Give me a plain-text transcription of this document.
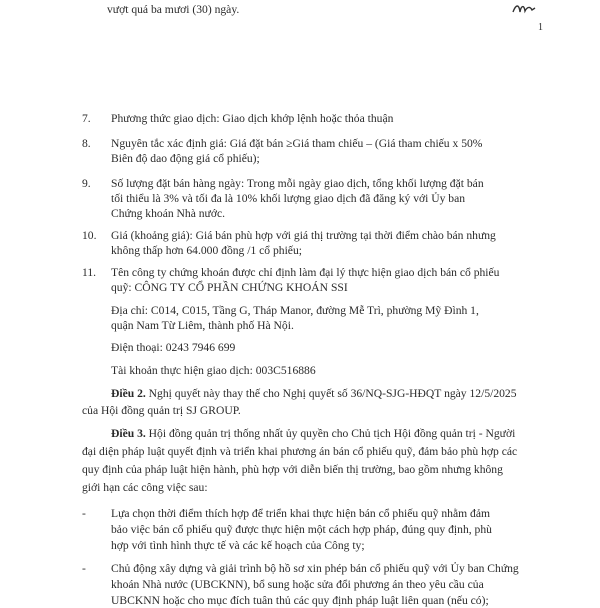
vượt quá ba mươi (30) ngày.
1
7. Phương thức giao dịch: Giao dịch khớp lệnh hoặc thỏa thuận
8. Nguyên tắc xác định giá: Giá đặt bán ≥Giá tham chiếu – (Giá tham chiếu x 50%
Biên độ dao động giá cổ phiếu);
9. Số lượng đặt bán hàng ngày: Trong mỗi ngày giao dịch, tổng khối lượng đặt bán
tối thiểu là 3% và tối đa là 10% khối lượng giao dịch đã đăng ký với Ủy ban
Chứng khoán Nhà nước.
10. Giá (khoảng giá): Giá bán phù hợp với giá thị trường tại thời điểm chào bán nhưng
không thấp hơn 64.000 đồng /1 cổ phiếu;
11. Tên công ty chứng khoán được chỉ định làm đại lý thực hiện giao dịch bán cổ phiếu
quỹ: CÔNG TY CỔ PHẦN CHỨNG KHOÁN SSI
Địa chỉ: C014, C015, Tầng G, Tháp Manor, đường Mễ Trì, phường Mỹ Đình 1,
quận Nam Từ Liêm, thành phố Hà Nội.
Điện thoại: 0243 7946 699
Tài khoản thực hiện giao dịch: 003C516886
Điều 2. Nghị quyết này thay thế cho Nghị quyết số 36/NQ-SJG-HĐQT ngày 12/5/2025
của Hội đồng quản trị SJ GROUP.
Điều 3. Hội đồng quản trị thống nhất ủy quyền cho Chủ tịch Hội đồng quản trị - Người
đại diện pháp luật quyết định và triển khai phương án bán cổ phiếu quỹ, đảm bảo phù hợp các
quy định của pháp luật hiện hành, phù hợp với diễn biến thị trường, bao gồm nhưng không
giới hạn các công việc sau:
- Lựa chọn thời điểm thích hợp để triển khai thực hiện bán cổ phiếu quỹ nhằm đảm
bảo việc bán cổ phiếu quỹ được thực hiện một cách hợp pháp, đúng quy định, phù
hợp với tình hình thực tế và các kế hoạch của Công ty;
- Chủ động xây dựng và giải trình bộ hồ sơ xin phép bán cổ phiếu quỹ với Ủy ban Chứng
khoán Nhà nước (UBCKNN), bổ sung hoặc sửa đổi phương án theo yêu cầu của
UBCKNN hoặc cho mục đích tuân thủ các quy định pháp luật liên quan (nếu có);
